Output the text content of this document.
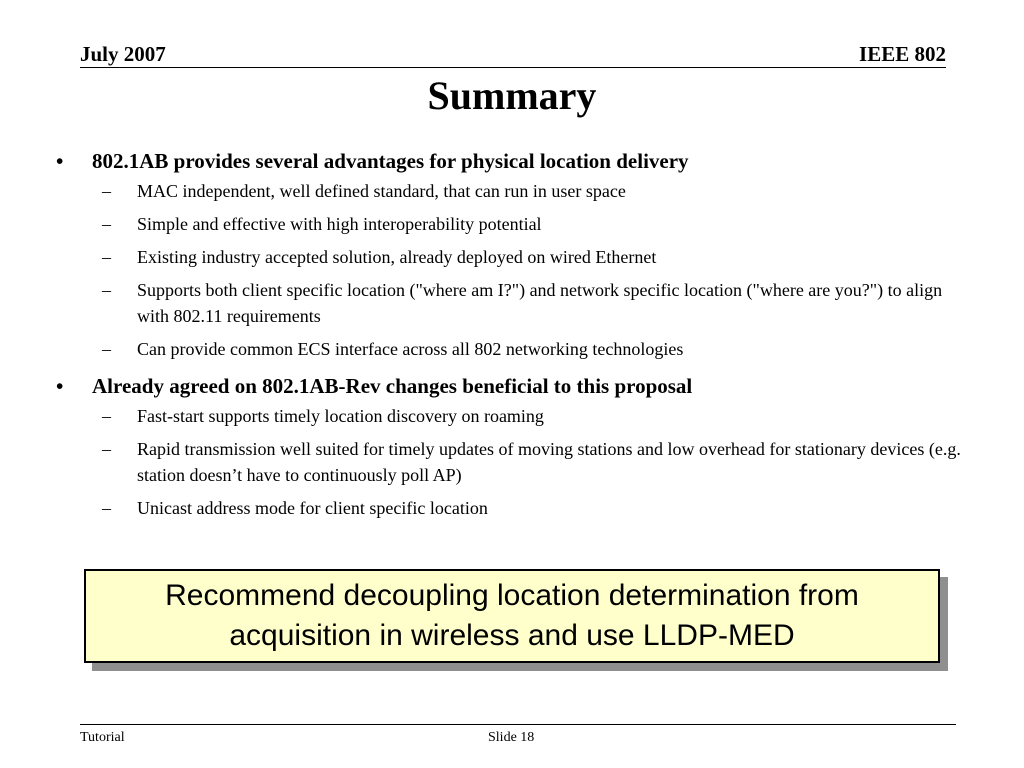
July 2007	IEEE 802
Summary
•	802.1AB provides several advantages for physical location delivery
– MAC independent, well defined standard, that can run in user space
– Simple and effective with high interoperability potential
– Existing industry accepted solution, already deployed on wired Ethernet
– Supports both client specific location ("where am I?") and network specific location ("where are you?") to align with 802.11 requirements
– Can provide common ECS interface across all 802 networking technologies
•	Already agreed on 802.1AB-Rev changes beneficial to this proposal
– Fast-start supports timely location discovery on roaming
– Rapid transmission well suited for timely updates of moving stations and low overhead for stationary devices (e.g. station doesn’t have to continuously poll AP)
– Unicast address mode for client specific location
Recommend decoupling location determination from acquisition in wireless and use LLDP-MED
Tutorial	Slide 18
